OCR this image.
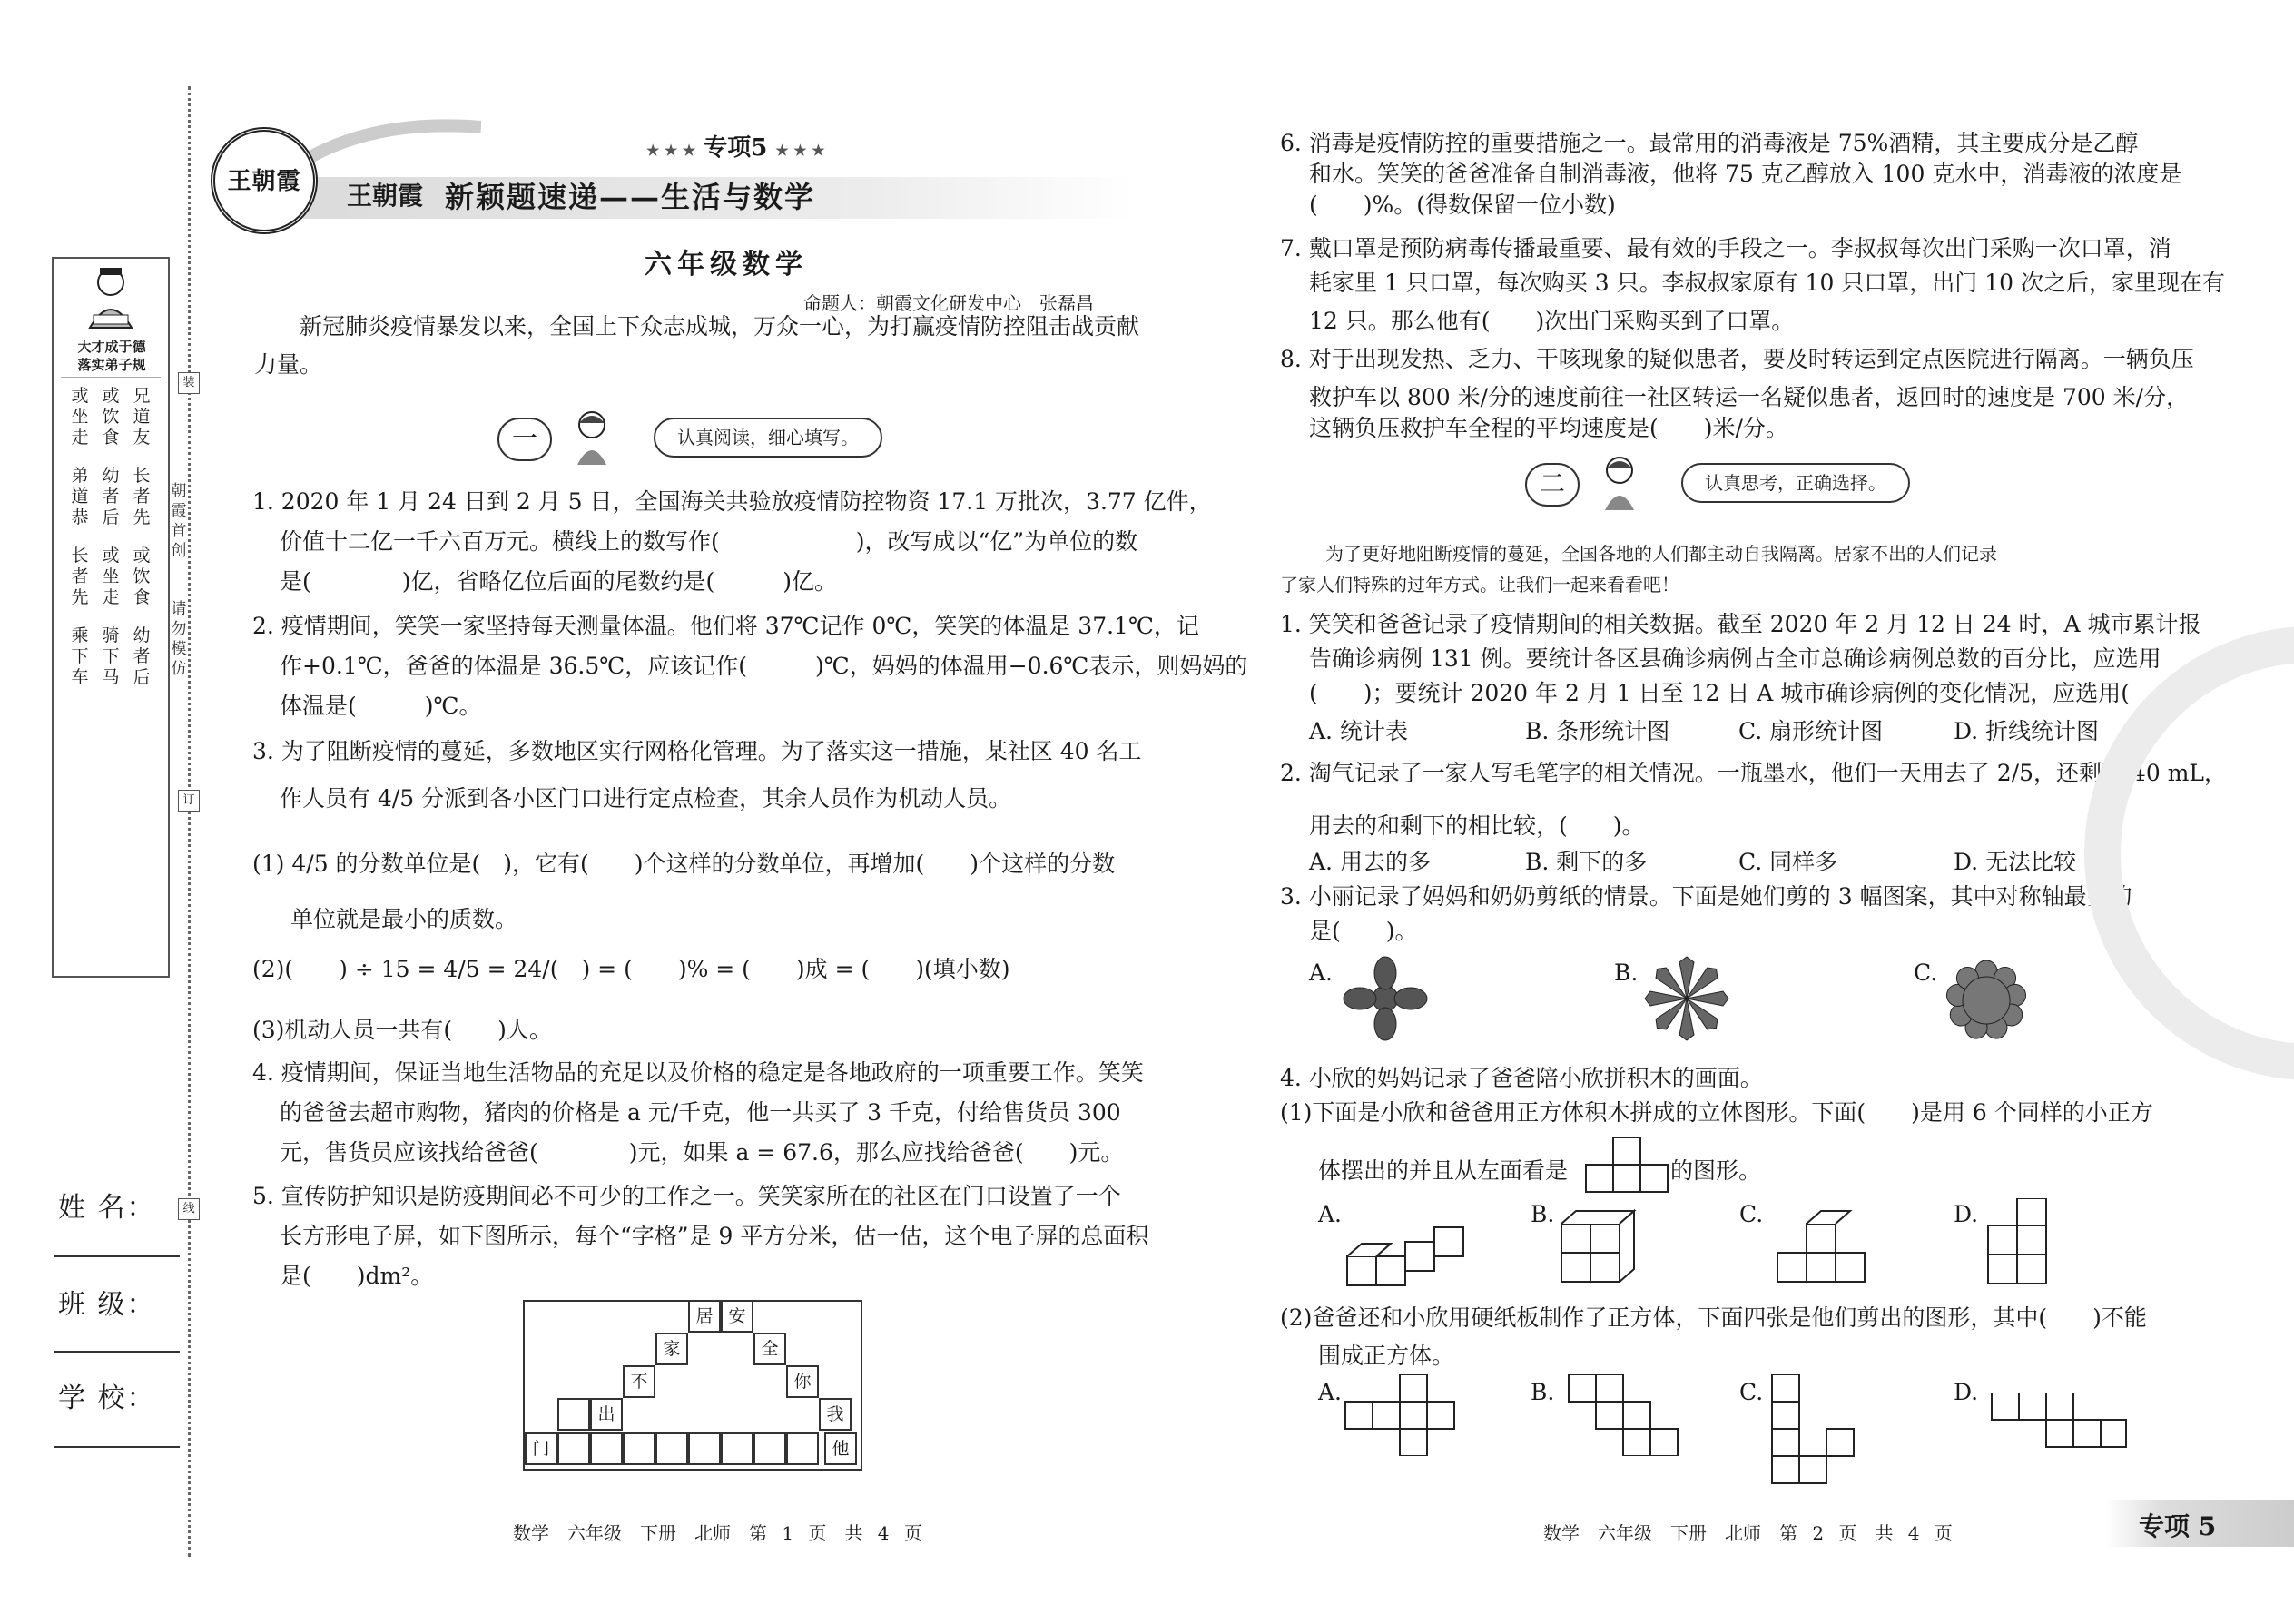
装
朝霞首创
订
请勿模仿
线
大才成于德
落实弟子规
兄道友
或饮食
或坐走
长者先
幼者后
弟道恭
或饮食
或坐走
长者先
幼者后
骑下马
乘下车
姓 名：
班 级：
学 校：
王朝霞
★ ★ ★ 专项5 ★ ★ ★
王朝霞 新颖题速递——生活与数学
六年级数学
命题人：朝霞文化研发中心　张磊昌
新冠肺炎疫情暴发以来，全国上下众志成城，万众一心，为打赢疫情防控阻击战贡献
力量。
一	认真阅读，细心填写。
1. 2020 年 1 月 24 日到 2 月 5 日，全国海关共验放疫情防控物资 17.1 万批次，3.77 亿件，
价值十二亿一千六百万元。横线上的数写作(　　　　　　)，改写成以“亿”为单位的数
是(　　　　)亿，省略亿位后面的尾数约是(　　　)亿。
2. 疫情期间，笑笑一家坚持每天测量体温。他们将 37℃记作 0℃，笑笑的体温是 37.1℃，记
作+0.1℃，爸爸的体温是 36.5℃，应该记作(　　　)℃，妈妈的体温用−0.6℃表示，则妈妈的
体温是(　　　)℃。
3. 为了阻断疫情的蔓延，多数地区实行网格化管理。为了落实这一措施，某社区 40 名工
作人员有 4/5 分派到各小区门口进行定点检查，其余人员作为机动人员。
(1) 4/5 的分数单位是(　)，它有(　　)个这样的分数单位，再增加(　　)个这样的分数
单位就是最小的质数。
(2)(　　) ÷ 15 = 4/5 = 24/(　) = (　　)% = (　　)成 = (　　)(填小数)
(3)机动人员一共有(　　)人。
4. 疫情期间，保证当地生活物品的充足以及价格的稳定是各地政府的一项重要工作。笑笑
的爸爸去超市购物，猪肉的价格是 a 元/千克，他一共买了 3 千克，付给售货员 300
元，售货员应该找给爸爸(　　　　)元，如果 a = 67.6，那么应找给爸爸(　　)元。
5. 宣传防护知识是防疫期间必不可少的工作之一。笑笑家所在的社区在门口设置了一个
长方形电子屏，如下图所示，每个“字格”是 9 平方分米，估一估，这个电子屏的总面积
是(　　)dm²。
居 安
家	全
不	你
出	我
门	他
6. 消毒是疫情防控的重要措施之一。最常用的消毒液是 75%酒精，其主要成分是乙醇
和水。笑笑的爸爸准备自制消毒液，他将 75 克乙醇放入 100 克水中，消毒液的浓度是
(　　)%。(得数保留一位小数)
7. 戴口罩是预防病毒传播最重要、最有效的手段之一。李叔叔每次出门采购一次口罩，消
耗家里 1 只口罩，每次购买 3 只。李叔叔家原有 10 只口罩，出门 10 次之后，家里现在有
12 只。那么他有(　　)次出门采购买到了口罩。
8. 对于出现发热、乏力、干咳现象的疑似患者，要及时转运到定点医院进行隔离。一辆负压
救护车以 800 米/分的速度前往一社区转运一名疑似患者，返回时的速度是 700 米/分，
这辆负压救护车全程的平均速度是(　　)米/分。
二	认真思考，正确选择。
为了更好地阻断疫情的蔓延，全国各地的人们都主动自我隔离。居家不出的人们记录
了家人们特殊的过年方式。让我们一起来看看吧！
1. 笑笑和爸爸记录了疫情期间的相关数据。截至 2020 年 2 月 12 日 24 时，A 城市累计报
告确诊病例 131 例。要统计各区县确诊病例占全市总确诊病例总数的百分比，应选用
(　　)；要统计 2020 年 2 月 1 日至 12 日 A 城市确诊病例的变化情况，应选用(　　)。
A. 统计表	B. 条形统计图	C. 扇形统计图	D. 折线统计图
2. 淘气记录了一家人写毛笔字的相关情况。一瓶墨水，他们一天用去了 2/5，还剩下 40 mL，
用去的和剩下的相比较，(　　)。
A. 用去的多	B. 剩下的多	C. 同样多	D. 无法比较
3. 小丽记录了妈妈和奶奶剪纸的情景。下面是她们剪的 3 幅图案，其中对称轴最多的
是(　　)。
A.	B.	C.
4. 小欣的妈妈记录了爸爸陪小欣拼积木的画面。
(1)下面是小欣和爸爸用正方体积木拼成的立体图形。下面(　　)是用 6 个同样的小正方
体摆出的并且从左面看是	的图形。
A.	B.	C.	D.
(2)爸爸还和小欣用硬纸板制作了正方体，下面四张是他们剪出的图形，其中(　　)不能
围成正方体。
A.	B.	C.	D.
数学　六年级　下册　北师　第 1 页　共 4 页	数学　六年级　下册　北师　第 2 页　共 4 页	专项 5
